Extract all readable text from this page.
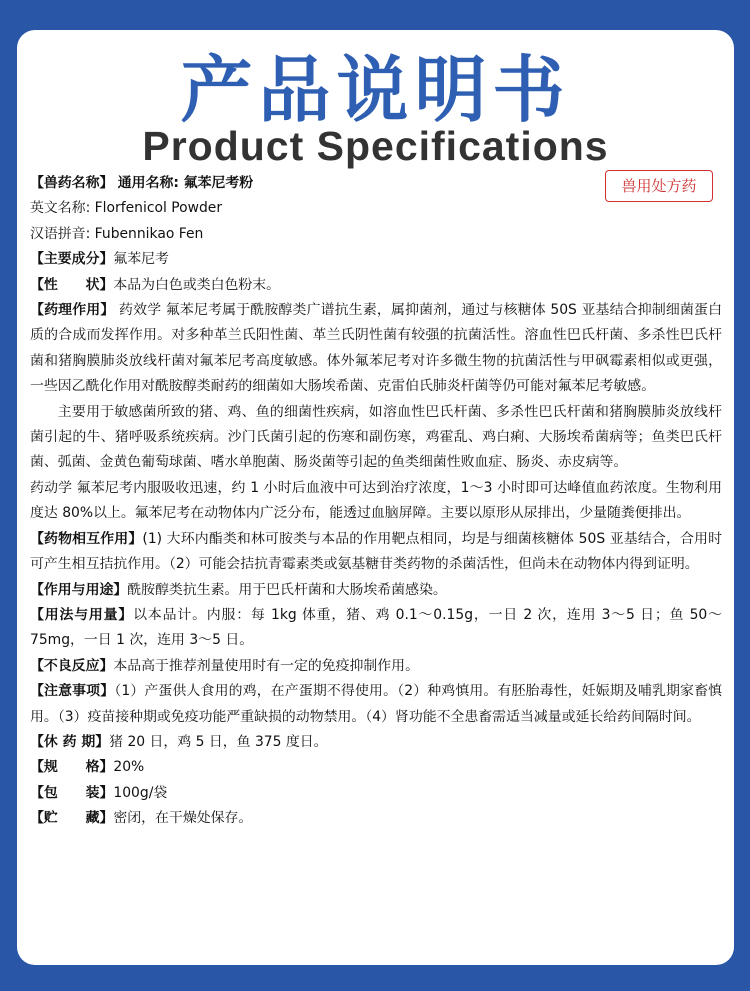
产品说明书
Product Specifications
兽用处方药

【兽药名称】 通用名称: 氟苯尼考粉

英文名称: Florfenicol Powder

汉语拼音: Fubennikao Fen

【主要成分】氟苯尼考

【性　　状】本品为白色或类白色粉末。

【药理作用】 药效学 氟苯尼考属于酰胺醇类广谱抗生素，属抑菌剂，通过与核糖体 50S 亚基结合抑制细菌蛋白质的合成而发挥作用。对多种革兰氏阳性菌、革兰氏阴性菌有较强的抗菌活性。溶血性巴氏杆菌、多杀性巴氏杆菌和猪胸膜肺炎放线杆菌对氟苯尼考高度敏感。体外氟苯尼考对许多微生物的抗菌活性与甲砜霉素相似或更强，一些因乙酰化作用对酰胺醇类耐药的细菌如大肠埃希菌、克雷伯氏肺炎杆菌等仍可能对氟苯尼考敏感。

主要用于敏感菌所致的猪、鸡、鱼的细菌性疾病，如溶血性巴氏杆菌、多杀性巴氏杆菌和猪胸膜肺炎放线杆菌引起的牛、猪呼吸系统疾病。沙门氏菌引起的伤寒和副伤寒，鸡霍乱、鸡白痢、大肠埃希菌病等；鱼类巴氏杆菌、弧菌、金黄色葡萄球菌、嗜水单胞菌、肠炎菌等引起的鱼类细菌性败血症、肠炎、赤皮病等。

药动学 氟苯尼考内服吸收迅速，约 1 小时后血液中可达到治疗浓度，1～3 小时即可达峰值血药浓度。生物利用度达 80%以上。氟苯尼考在动物体内广泛分布，能透过血脑屏障。主要以原形从尿排出，少量随粪便排出。

【药物相互作用】(1) 大环内酯类和林可胺类与本品的作用靶点相同，均是与细菌核糖体 50S 亚基结合，合用时可产生相互拮抗作用。（2）可能会拮抗青霉素类或氨基糖苷类药物的杀菌活性，但尚未在动物体内得到证明。

【作用与用途】酰胺醇类抗生素。用于巴氏杆菌和大肠埃希菌感染。

【用法与用量】以本品计。内服：每 1kg 体重，猪、鸡 0.1～0.15g，一日 2 次，连用 3～5 日；鱼 50～75mg，一日 1 次，连用 3～5 日。

【不良反应】本品高于推荐剂量使用时有一定的免疫抑制作用。

【注意事项】（1）产蛋供人食用的鸡，在产蛋期不得使用。（2）种鸡慎用。有胚胎毒性，妊娠期及哺乳期家畜慎用。（3）疫苗接种期或免疫功能严重缺损的动物禁用。（4）肾功能不全患畜需适当减量或延长给药间隔时间。

【休 药 期】猪 20 日，鸡 5 日，鱼 375 度日。

【规　　格】20%

【包　　装】100g/袋

【贮　　藏】密闭，在干燥处保存。
